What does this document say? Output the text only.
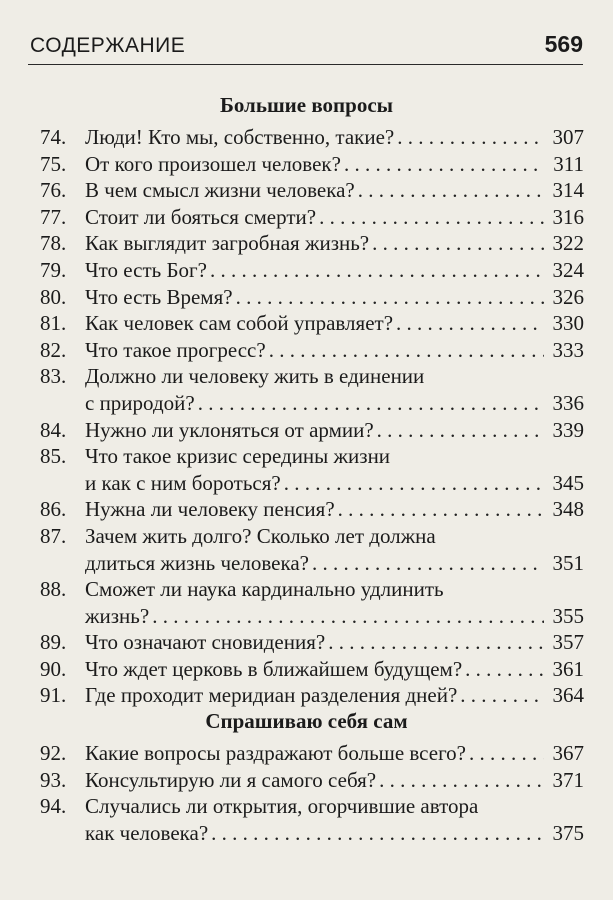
СОДЕРЖАНИЕ	569
Большие вопросы
74. Люди! Кто мы, собственно, такие? . . .	307
75. От кого произошел человек? . . .	311
76. В чем смысл жизни человека? . . .	314
77. Стоит ли бояться смерти? . . .	316
78. Как выглядит загробная жизнь? . . .	322
79. Что есть Бог? . . .	324
80. Что есть Время? . . .	326
81. Как человек сам собой управляет? . . .	330
82. Что такое прогресс? . . .	333
83. Должно ли человеку жить в единении
с природой? . . .	336
84. Нужно ли уклоняться от армии? . . .	339
85. Что такое кризис середины жизни
и как с ним бороться? . . .	345
86. Нужна ли человеку пенсия? . . .	348
87. Зачем жить долго? Сколько лет должна
длиться жизнь человека? . . .	351
88. Сможет ли наука кардинально удлинить
жизнь? . . .	355
89. Что означают сновидения? . . .	357
90. Что ждет церковь в ближайшем будущем? . . .	361
91. Где проходит меридиан разделения дней? . . .	364
Спрашиваю себя сам
92. Какие вопросы раздражают больше всего? . . .	367
93. Консультирую ли я самого себя? . . .	371
94. Случались ли открытия, огорчившие автора
как человека? . . .	375
